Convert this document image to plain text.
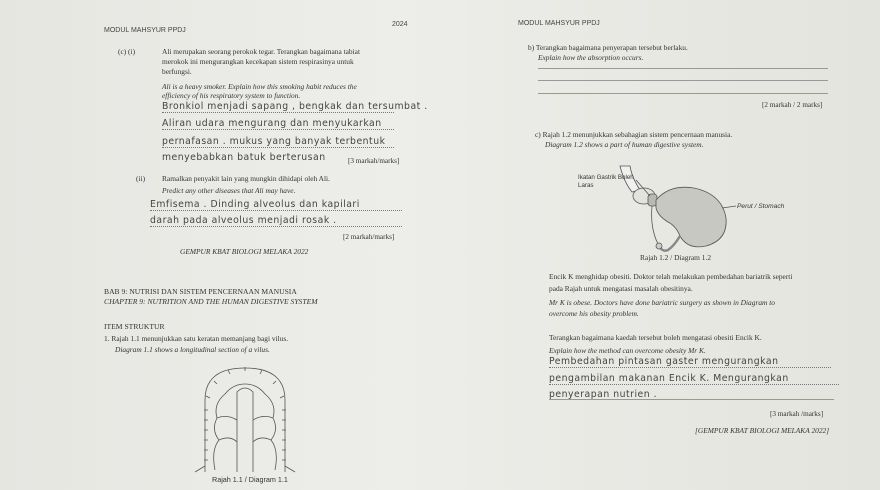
MODUL MAHSYUR PPDJ
2024	MODUL MAHSYUR PPDJ
(c) (i)	Ali merupakan seorang perokok tegar. Terangkan bagaimana tabiat
merokok ini mengurangkan kecekapan sistem respirasinya untuk
berfungsi.
Ali is a heavy smoker. Explain how this smoking habit reduces the
efficiency of his respiratory system to function.
Bronkiol menjadi sapang , bengkak dan tersumbat .
Aliran udara mengurang dan menyukarkan
pernafasan . mukus yang banyak terbentuk
menyebabkan batuk berterusan	[3 markah/marks]
(ii) Ramalkan penyakit lain yang mungkin dihidapi oleh Ali.
Predict any other diseases that Ali may have.
Emfisema . Dinding alveolus dan kapilari
darah pada alveolus menjadi rosak .
[2 markah/marks]
GEMPUR KBAT BIOLOGI MELAKA 2022
BAB 9: NUTRISI DAN SISTEM PENCERNAAN MANUSIA
CHAPTER 9: NUTRITION AND THE HUMAN DIGESTIVE SYSTEM
ITEM STRUKTUR
1. Rajah 1.1 menunjukkan satu keratan memanjang bagi vilus.
Diagram 1.1 shows a longitudinal section of a vilus.
Rajah 1.1 / Diagram 1.1
b) Terangkan bagaimana penyerapan tersebut berlaku.
Explain how the absorption occurs.
[2 markah / 2 marks]
c) Rajah 1.2 menunjukkan sebahagian sistem pencernaan manusia.
Diagram 1.2 shows a part of human digestive system.
Ikatan Gastrik Boleh
Laras
Perut / Stomach
Rajah 1.2 / Diagram 1.2
Encik K menghidap obesiti. Doktor telah melakukan pembedahan bariatrik seperti
pada Rajah untuk mengatasi masalah obesitinya.
Mr K is obese. Doctors have done bariatric surgery as shown in Diagram to
overcome his obesity problem.
Terangkan bagaimana kaedah tersebut boleh mengatasi obesiti Encik K.
Explain how the method can overcome obesity Mr K.
Pembedahan pintasan gaster mengurangkan
pengambilan makanan Encik K. Mengurangkan
penyerapan nutrien .
[3 markah /marks]
[GEMPUR KBAT BIOLOGI MELAKA 2022]
